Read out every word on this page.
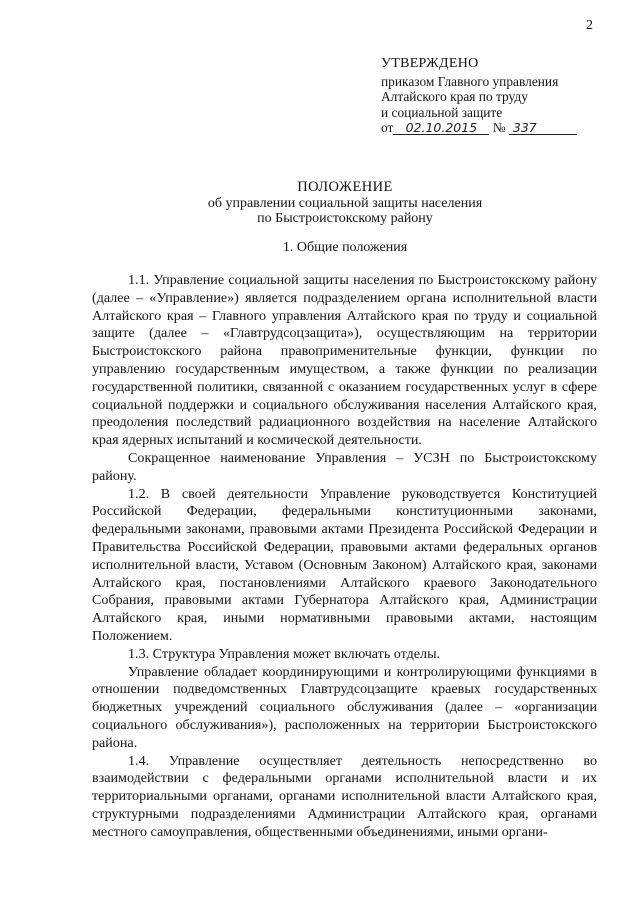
2
УТВЕРЖДЕНО
приказом Главного управления
Алтайского края по труду
и социальной защите
от 02.10.2015 № 337
ПОЛОЖЕНИЕ
об управлении социальной защиты населения
по Быстроистокскому району
1. Общие положения

1.1. Управление социальной защиты населения по Быстроистокскому району (далее – «Управление») является подразделением органа исполнительной власти Алтайского края – Главного управления Алтайского края по труду и социальной защите (далее – «Главтрудсоцзащита»), осуществляющим на территории Быстроистокского района правоприменительные функции, функции по управлению государственным имуществом, а также функции по реализации государственной политики, связанной с оказанием государственных услуг в сфере социальной поддержки и социального обслуживания населения Алтайского края, преодоления последствий радиационного воздействия на население Алтайского края ядерных испытаний и космической деятельности.

Сокращенное наименование Управления – УСЗН по Быстроистокскому району.

1.2. В своей деятельности Управление руководствуется Конституцией Российской Федерации, федеральными конституционными законами, федеральными законами, правовыми актами Президента Российской Федерации и Правительства Российской Федерации, правовыми актами федеральных органов исполнительной власти, Уставом (Основным Законом) Алтайского края, законами Алтайского края, постановлениями Алтайского краевого Законодательного Собрания, правовыми актами Губернатора Алтайского края, Администрации Алтайского края, иными нормативными правовыми актами, настоящим Положением.

1.3. Структура Управления может включать отделы.

Управление обладает координирующими и контролирующими функциями в отношении подведомственных Главтрудсоцзащите краевых государственных бюджетных учреждений социального обслуживания (далее – «организации социального обслуживания»), расположенных на территории Быстроистокского района.

1.4. Управление осуществляет деятельность непосредственно во взаимодействии с федеральными органами исполнительной власти и их территориальными органами, органами исполнительной власти Алтайского края, структурными подразделениями Администрации Алтайского края, органами местного самоуправления, общественными объединениями, иными органи-
